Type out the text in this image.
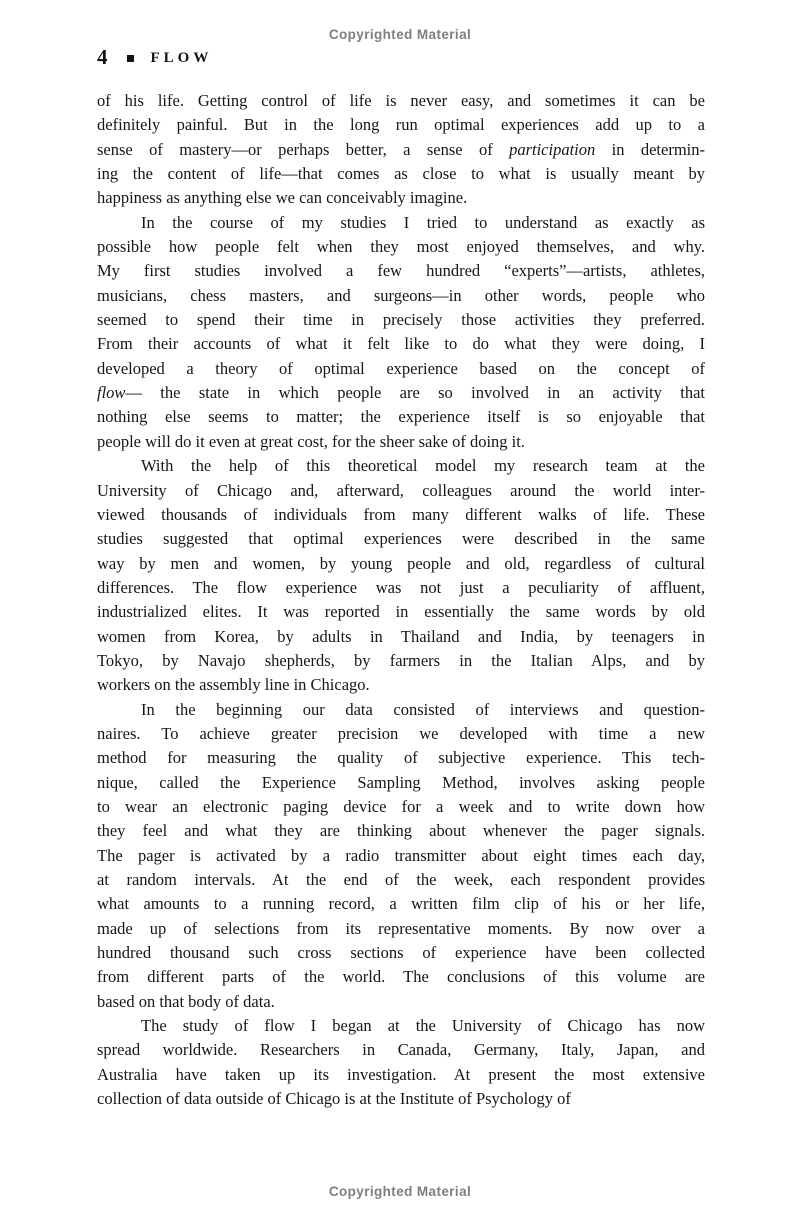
Copyrighted Material
4	FLOW
of his life. Getting control of life is never easy, and sometimes it can be
definitely painful. But in the long run optimal experiences add up to a
sense of mastery—or perhaps better, a sense of participation in determin-
ing the content of life—that comes as close to what is usually meant by
happiness as anything else we can conceivably imagine.
In the course of my studies I tried to understand as exactly as
possible how people felt when they most enjoyed themselves, and why.
My first studies involved a few hundred “experts”—artists, athletes,
musicians, chess masters, and surgeons—in other words, people who
seemed to spend their time in precisely those activities they preferred.
From their accounts of what it felt like to do what they were doing, I
developed a theory of optimal experience based on the concept of
flow— the state in which people are so involved in an activity that
nothing else seems to matter; the experience itself is so enjoyable that
people will do it even at great cost, for the sheer sake of doing it.
With the help of this theoretical model my research team at the
University of Chicago and, afterward, colleagues around the world inter-
viewed thousands of individuals from many different walks of life. These
studies suggested that optimal experiences were described in the same
way by men and women, by young people and old, regardless of cultural
differences. The flow experience was not just a peculiarity of affluent,
industrialized elites. It was reported in essentially the same words by old
women from Korea, by adults in Thailand and India, by teenagers in
Tokyo, by Navajo shepherds, by farmers in the Italian Alps, and by
workers on the assembly line in Chicago.
In the beginning our data consisted of interviews and question-
naires. To achieve greater precision we developed with time a new
method for measuring the quality of subjective experience. This tech-
nique, called the Experience Sampling Method, involves asking people
to wear an electronic paging device for a week and to write down how
they feel and what they are thinking about whenever the pager signals.
The pager is activated by a radio transmitter about eight times each day,
at random intervals. At the end of the week, each respondent provides
what amounts to a running record, a written film clip of his or her life,
made up of selections from its representative moments. By now over a
hundred thousand such cross sections of experience have been collected
from different parts of the world. The conclusions of this volume are
based on that body of data.
The study of flow I began at the University of Chicago has now
spread worldwide. Researchers in Canada, Germany, Italy, Japan, and
Australia have taken up its investigation. At present the most extensive
collection of data outside of Chicago is at the Institute of Psychology of
Copyrighted Material
